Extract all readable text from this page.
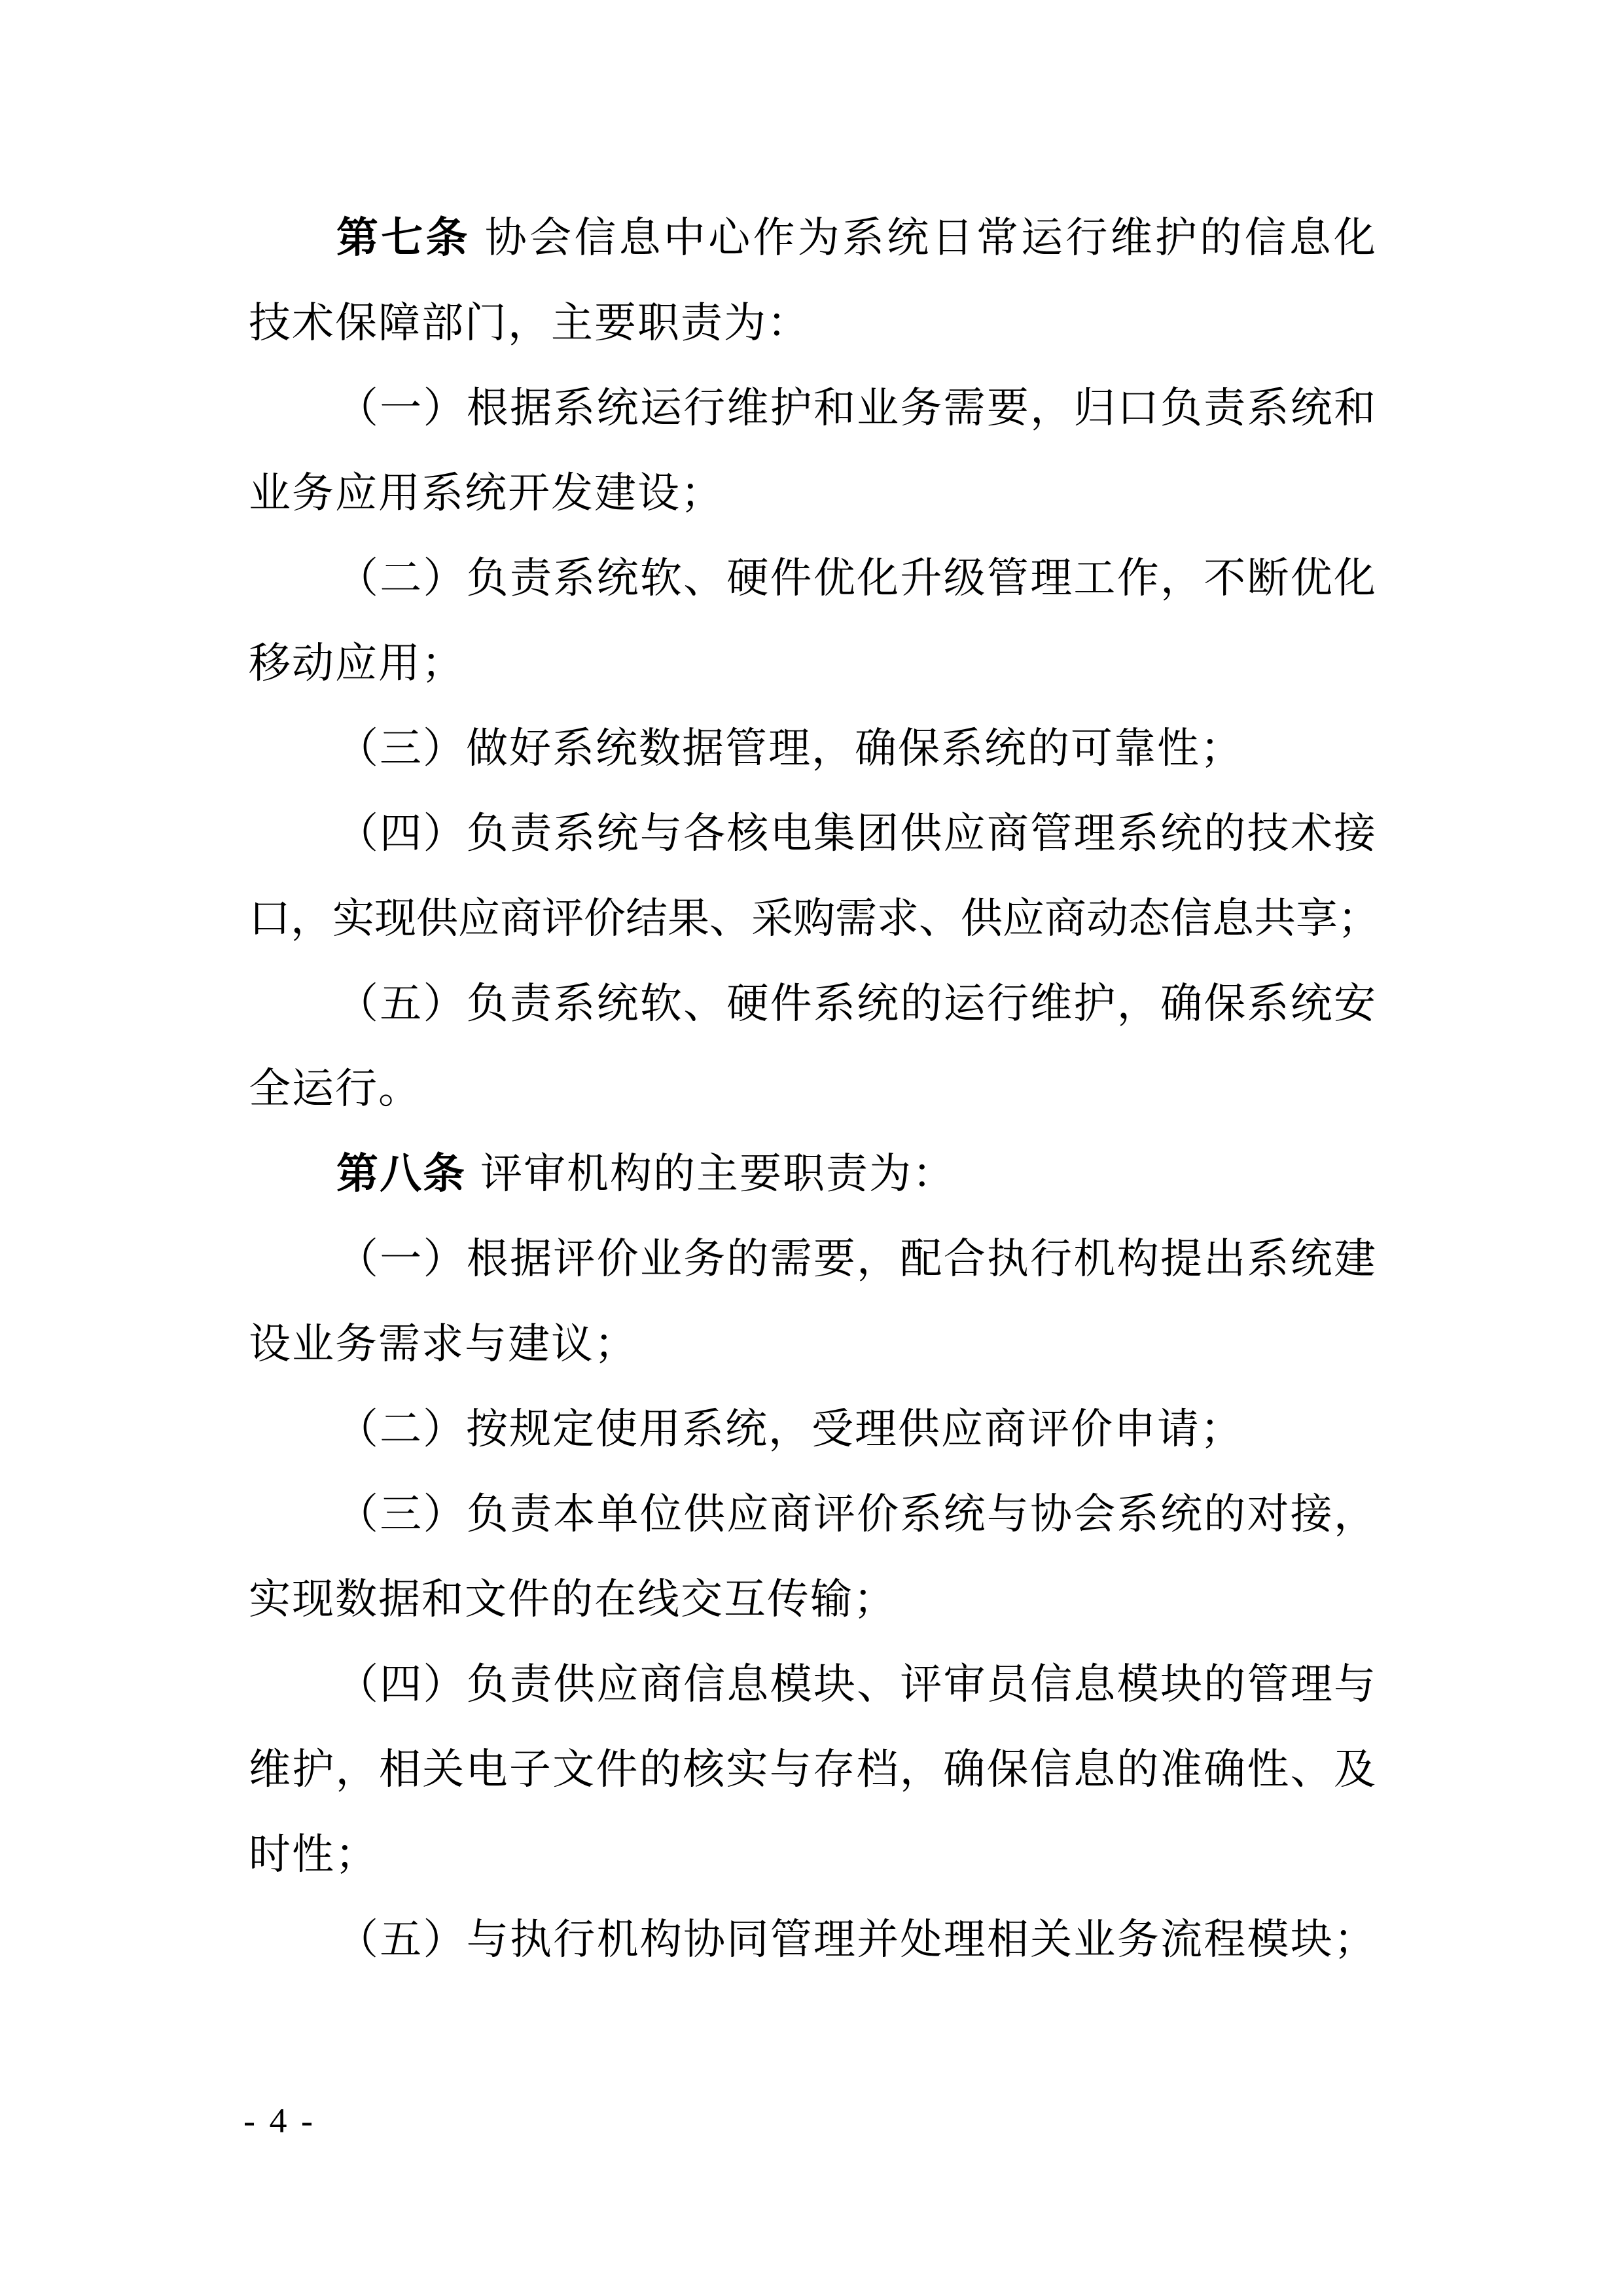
第七条 协会信息中心作为系统日常运行维护的信息化
技术保障部门，主要职责为：
（一）根据系统运行维护和业务需要，归口负责系统和
业务应用系统开发建设；
（二）负责系统软、硬件优化升级管理工作，不断优化
移动应用；
（三）做好系统数据管理，确保系统的可靠性；
（四）负责系统与各核电集团供应商管理系统的技术接
口，实现供应商评价结果、采购需求、供应商动态信息共享；
（五）负责系统软、硬件系统的运行维护，确保系统安
全运行。
第八条 评审机构的主要职责为：
（一）根据评价业务的需要，配合执行机构提出系统建
设业务需求与建议；
（二）按规定使用系统，受理供应商评价申请；
（三）负责本单位供应商评价系统与协会系统的对接，
实现数据和文件的在线交互传输；
（四）负责供应商信息模块、评审员信息模块的管理与
维护，相关电子文件的核实与存档，确保信息的准确性、及
时性；
（五）与执行机构协同管理并处理相关业务流程模块；
- 4 -
